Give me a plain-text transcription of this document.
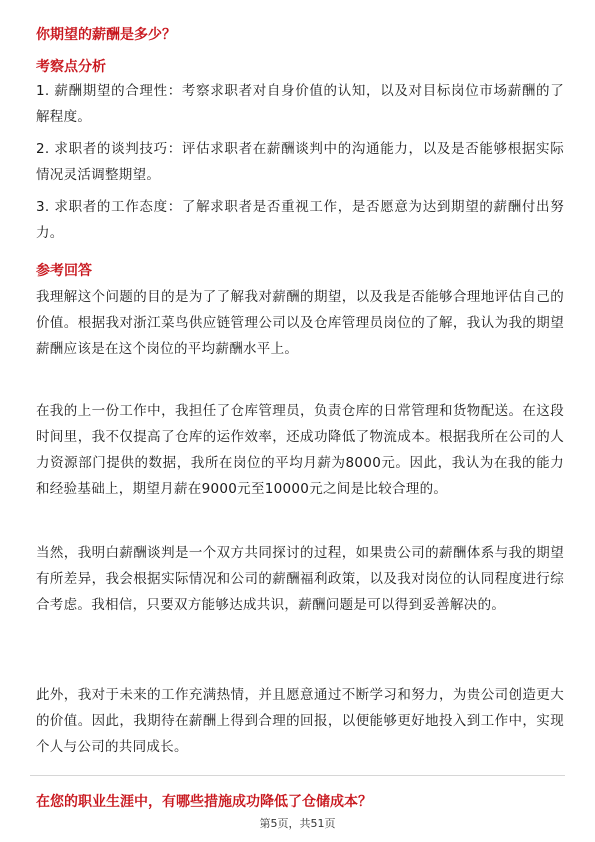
你期望的薪酬是多少？
考察点分析
1. 薪酬期望的合理性：考察求职者对自身价值的认知，以及对目标岗位市场薪酬的了解程度。
2. 求职者的谈判技巧：评估求职者在薪酬谈判中的沟通能力，以及是否能够根据实际情况灵活调整期望。
3. 求职者的工作态度：了解求职者是否重视工作，是否愿意为达到期望的薪酬付出努力。
参考回答
我理解这个问题的目的是为了了解我对薪酬的期望，以及我是否能够合理地评估自己的价值。根据我对浙江菜鸟供应链管理公司以及仓库管理员岗位的了解，我认为我的期望薪酬应该是在这个岗位的平均薪酬水平上。
在我的上一份工作中，我担任了仓库管理员，负责仓库的日常管理和货物配送。在这段时间里，我不仅提高了仓库的运作效率，还成功降低了物流成本。根据我所在公司的人力资源部门提供的数据，我所在岗位的平均月薪为8000元。因此，我认为在我的能力和经验基础上，期望月薪在9000元至10000元之间是比较合理的。
当然，我明白薪酬谈判是一个双方共同探讨的过程，如果贵公司的薪酬体系与我的期望有所差异，我会根据实际情况和公司的薪酬福利政策，以及我对岗位的认同程度进行综合考虑。我相信，只要双方能够达成共识，薪酬问题是可以得到妥善解决的。
此外，我对于未来的工作充满热情，并且愿意通过不断学习和努力，为贵公司创造更大的价值。因此，我期待在薪酬上得到合理的回报，以便能够更好地投入到工作中，实现个人与公司的共同成长。
在您的职业生涯中，有哪些措施成功降低了仓储成本？
第5页，共51页
